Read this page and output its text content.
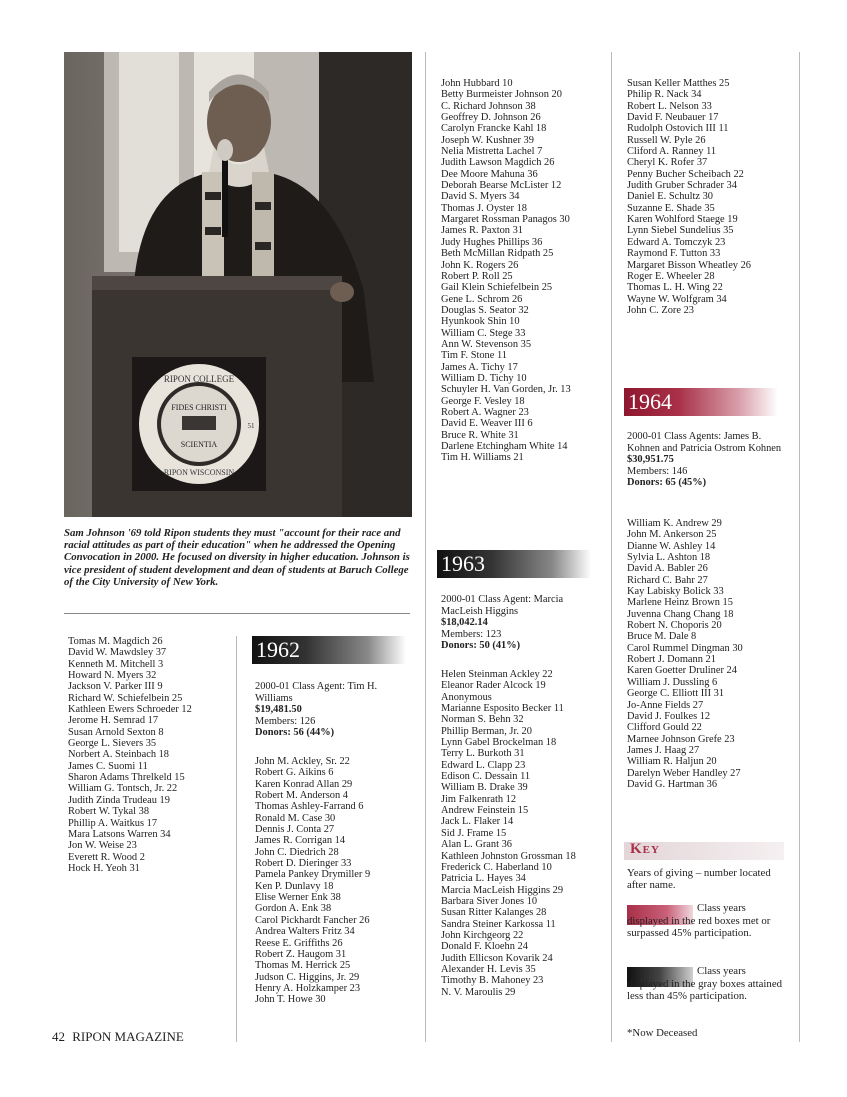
RIPON COLLEGE
RIPON WISCONSIN
FIDES CHRISTI
SCIENTIA
51
Sam Johnson '69 told Ripon students they must "account for their race and racial attitudes as part of their education" when he addressed the Opening Convocation in 2000. He focused on diversity in higher education. Johnson is vice president of student development and dean of students at Baruch College of the City University of New York.
Tomas M. Magdich 26
David W. Mawdsley 37
Kenneth M. Mitchell 3
Howard N. Myers 32
Jackson V. Parker III 9
Richard W. Schiefelbein 25
Kathleen Ewers Schroeder 12
Jerome H. Semrad 17
Susan Arnold Sexton 8
George L. Sievers 35
Norbert A. Steinbach 18
James C. Suomi 11
Sharon Adams Threlkeld 15
William G. Tontsch, Jr. 22
Judith Zinda Trudeau 19
Robert W. Tykal 38
Phillip A. Waitkus 17
Mara Latsons Warren 34
Jon W. Weise 23
Everett R. Wood 2
Hock H. Yeoh 31
1962
2000-01 Class Agent: Tim H. Williams
$19,481.50
Members: 126
Donors: 56 (44%)
John M. Ackley, Sr. 22
Robert G. Aikins 6
Karen Konrad Allan 29
Robert M. Anderson 4
Thomas Ashley-Farrand 6
Ronald M. Case 30
Dennis J. Conta 27
James R. Corrigan 14
John C. Diedrich 28
Robert D. Dieringer 33
Pamela Pankey Drymiller 9
Ken P. Dunlavy 18
Elise Werner Enk 38
Gordon A. Enk 38
Carol Pickhardt Fancher 26
Andrea Walters Fritz 34
Reese E. Griffiths 26
Robert Z. Haugom 31
Thomas M. Herrick 25
Judson C. Higgins, Jr. 29
Henry A. Holzkamper 23
John T. Howe 30
John Hubbard 10
Betty Burmeister Johnson 20
C. Richard Johnson 38
Geoffrey D. Johnson 26
Carolyn Francke Kahl 18
Joseph W. Kushner 39
Nelia Mistretta Lachel 7
Judith Lawson Magdich 26
Dee Moore Mahuna 36
Deborah Bearse McLister 12
David S. Myers 34
Thomas J. Oyster 18
Margaret Rossman Panagos 30
James R. Paxton 31
Judy Hughes Phillips 36
Beth McMillan Ridpath 25
John K. Rogers 26
Robert P. Roll 25
Gail Klein Schiefelbein 25
Gene L. Schrom 26
Douglas S. Seator 32
Hyunkook Shin 10
William C. Stege 33
Ann W. Stevenson 35
Tim F. Stone 11
James A. Tichy 17
William D. Tichy 10
Schuyler H. Van Gorden, Jr. 13
George F. Vesley 18
Robert A. Wagner 23
David E. Weaver III 6
Bruce R. White 31
Darlene Etchingham White 14
Tim H. Williams 21
1963
2000-01 Class Agent: Marcia MacLeish Higgins
$18,042.14
Members: 123
Donors: 50 (41%)
Helen Steinman Ackley 22
Eleanor Rader Alcock 19
Anonymous
Marianne Esposito Becker 11
Norman S. Behn 32
Phillip Berman, Jr. 20
Lynn Gabel Brockelman 18
Terry L. Burkoth 31
Edward L. Clapp 23
Edison C. Dessain 11
William B. Drake 39
Jim Falkenrath 12
Andrew Feinstein 15
Jack L. Flaker 14
Sid J. Frame 15
Alan L. Grant 36
Kathleen Johnston Grossman 18
Frederick C. Haberland 10
Patricia L. Hayes 34
Marcia MacLeish Higgins 29
Barbara Siver Jones 10
Susan Ritter Kalanges 28
Sandra Steiner Karkossa 11
John Kirchgeorg 22
Donald F. Kloehn 24
Judith Ellicson Kovarik 24
Alexander H. Levis 35
Timothy B. Mahoney 23
N. V. Maroulis 29
Susan Keller Matthes 25
Philip R. Nack 34
Robert L. Nelson 33
David F. Neubauer 17
Rudolph Ostovich III 11
Russell W. Pyle 26
Cliford A. Ranney 11
Cheryl K. Rofer 37
Penny Bucher Scheibach 22
Judith Gruber Schrader 34
Daniel E. Schultz 30
Suzanne E. Shade 35
Karen Wohlford Staege 19
Lynn Siebel Sundelius 35
Edward A. Tomczyk 23
Raymond F. Tutton 33
Margaret Bisson Wheatley 26
Roger E. Wheeler 28
Thomas L. H. Wing 22
Wayne W. Wolfgram 34
John C. Zore 23
1964
2000-01 Class Agents: James B. Kohnen and Patricia Ostrom Kohnen
$30,951.75
Members: 146
Donors: 65 (45%)
William K. Andrew 29
John M. Ankerson 25
Dianne W. Ashley 14
Sylvia L. Ashton 18
David A. Babler 26
Richard C. Bahr 27
Kay Labisky Bolick 33
Marlene Heinz Brown 15
Juvenna Chang Chang 18
Robert N. Choporis 20
Bruce M. Dale 8
Carol Rummel Dingman 30
Robert J. Domann 21
Karen Goetter Druliner 24
William J. Dussling 6
George C. Elliott III 31
Jo-Anne Fields 27
David J. Foulkes 12
Clifford Gould 22
Marnee Johnson Grefe 23
James J. Haag 27
William R. Haljun 20
Darelyn Weber Handley 27
David G. Hartman 36
Key
Years of giving – number located after name.
Class years displayed in the red boxes met or surpassed 45% participation.
Class years displayed in the gray boxes attained less than 45% participation.
*Now Deceased
42 RIPON MAGAZINE
